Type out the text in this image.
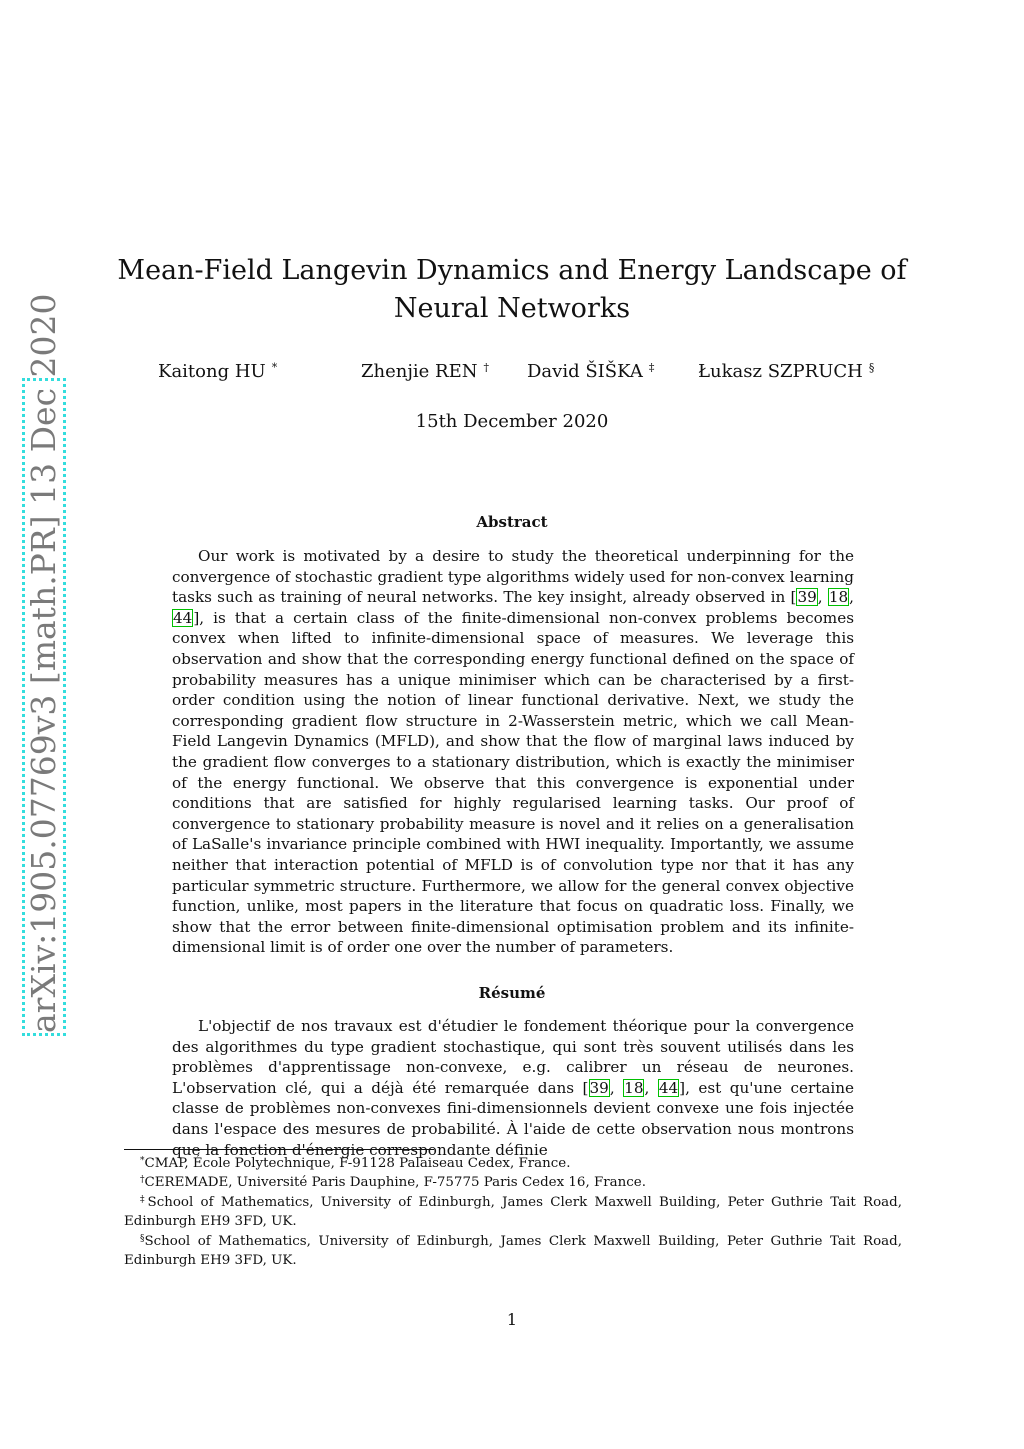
arXiv:1905.07769v3 [math.PR] 13 Dec 2020
Mean-Field Langevin Dynamics and Energy Landscape of Neural Networks
Kaitong HU *	Zhenjie REN † David ŠIŠKA ‡ Łukasz SZPRUCH §
15th December 2020
Abstract

Our work is motivated by a desire to study the theoretical underpinning for the convergence of stochastic gradient type algorithms widely used for non-convex learning tasks such as training of neural networks. The key insight, already observed in [39, 18, 44], is that a certain class of the finite-dimensional non-convex problems becomes convex when lifted to infinite-dimensional space of measures. We leverage this observation and show that the corresponding energy functional defined on the space of probability measures has a unique minimiser which can be characterised by a first-order condition using the notion of linear functional derivative. Next, we study the corresponding gradient flow structure in 2-Wasserstein metric, which we call Mean-Field Langevin Dynamics (MFLD), and show that the flow of marginal laws induced by the gradient flow converges to a stationary distribution, which is exactly the minimiser of the energy functional. We observe that this convergence is exponential under conditions that are satisfied for highly regularised learning tasks. Our proof of convergence to stationary probability measure is novel and it relies on a generalisation of LaSalle's invariance principle combined with HWI inequality. Importantly, we assume neither that interaction potential of MFLD is of convolution type nor that it has any particular symmetric structure. Furthermore, we allow for the general convex objective function, unlike, most papers in the literature that focus on quadratic loss. Finally, we show that the error between finite-dimensional optimisation problem and its infinite-dimensional limit is of order one over the number of parameters.

Résumé

L'objectif de nos travaux est d'étudier le fondement théorique pour la convergence des algorithmes du type gradient stochastique, qui sont très souvent utilisés dans les problèmes d'apprentissage non-convexe, e.g. calibrer un réseau de neurones. L'observation clé, qui a déjà été remarquée dans [39, 18, 44], est qu'une certaine classe de problèmes non-convexes fini-dimensionnels devient convexe une fois injectée dans l'espace des mesures de probabilité. À l'aide de cette observation nous montrons que la fonction d'énergie correspondante définie

*CMAP, École Polytechnique, F-91128 Palaiseau Cedex, France.
†CEREMADE, Université Paris Dauphine, F-75775 Paris Cedex 16, France.
‡School of Mathematics, University of Edinburgh, James Clerk Maxwell Building, Peter Guthrie Tait Road, Edinburgh EH9 3FD, UK.
§School of Mathematics, University of Edinburgh, James Clerk Maxwell Building, Peter Guthrie Tait Road, Edinburgh EH9 3FD, UK.
1
